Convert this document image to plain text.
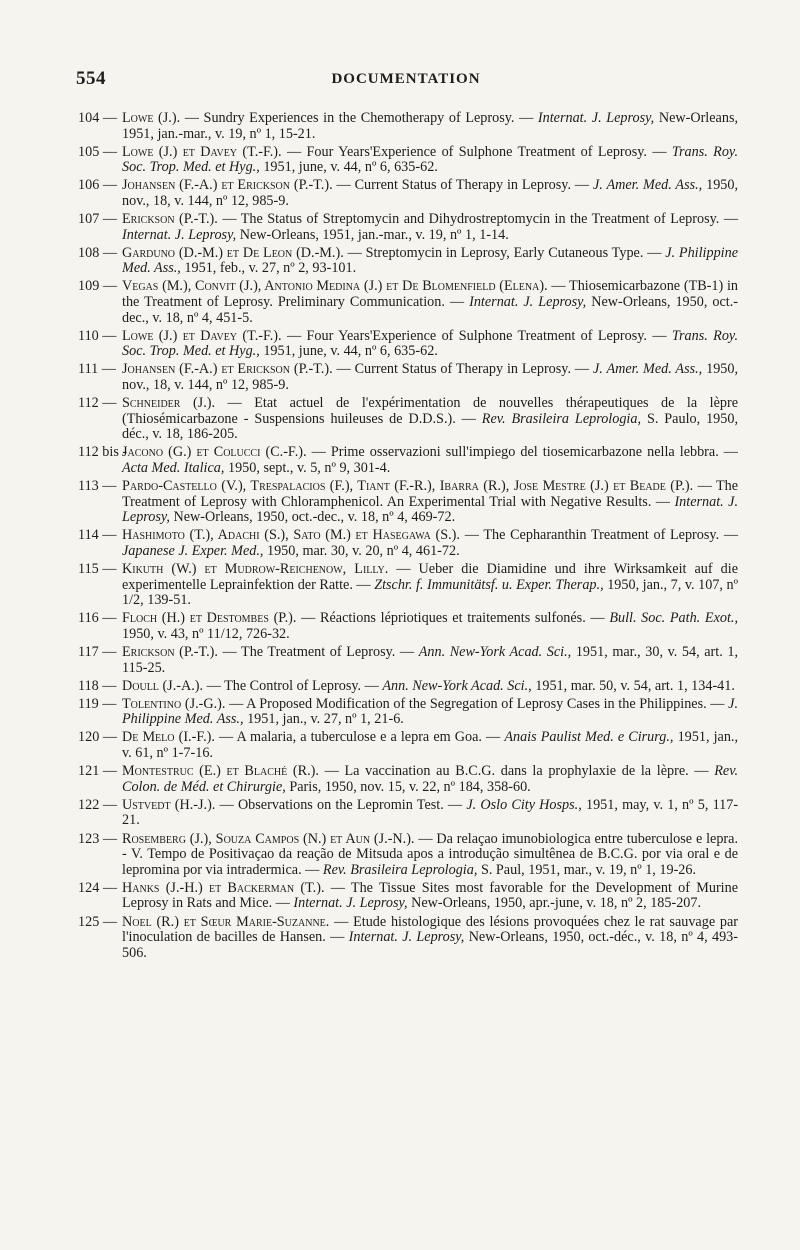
554	DOCUMENTATION
104 — Lowe (J.). — Sundry Experiences in the Chemotherapy of Leprosy. — Internat. J. Leprosy, New-Orleans, 1951, jan.-mar., v. 19, nº 1, 15-21.
105 — Lowe (J.) et Davey (T.-F.). — Four Years'Experience of Sulphone Treatment of Leprosy. — Trans. Roy. Soc. Trop. Med. et Hyg., 1951, june, v. 44, nº 6, 635-62.
106 — Johansen (F.-A.) et Erickson (P.-T.). — Current Status of Therapy in Leprosy. — J. Amer. Med. Ass., 1950, nov., 18, v. 144, nº 12, 985-9.
107 — Erickson (P.-T.). — The Status of Streptomycin and Dihydrostreptomycin in the Treatment of Leprosy. — Internat. J. Leprosy, New-Orleans, 1951, jan.-mar., v. 19, nº 1, 1-14.
108 — Garduno (D.-M.) et De Leon (D.-M.). — Streptomycin in Leprosy, Early Cutaneous Type. — J. Philippine Med. Ass., 1951, feb., v. 27, nº 2, 93-101.
109 — Vegas (M.), Convit (J.), Antonio Medina (J.) et De Blomenfield (Elena). — Thiosemicarbazone (TB-1) in the Treatment of Leprosy. Preliminary Communication. — Internat. J. Leprosy, New-Orleans, 1950, oct.-dec., v. 18, nº 4, 451-5.
110 — Lowe (J.) et Davey (T.-F.). — Four Years'Experience of Sulphone Treatment of Leprosy. — Trans. Roy. Soc. Trop. Med. et Hyg., 1951, june, v. 44, nº 6, 635-62.
111 — Johansen (F.-A.) et Erickson (P.-T.). — Current Status of Therapy in Leprosy. — J. Amer. Med. Ass., 1950, nov., 18, v. 144, nº 12, 985-9.
112 — Schneider (J.). — Etat actuel de l'expérimentation de nouvelles thérapeutiques de la lèpre (Thiosémicarbazone - Suspensions huileuses de D.D.S.). — Rev. Brasileira Leprologia, S. Paulo, 1950, déc., v. 18, 186-205.
112 bis -
Jacono (G.) et Colucci (C.-F.). — Prime osservazioni sull'impiego del tiosemicarbazone nella lebbra. — Acta Med. Italica, 1950, sept., v. 5, nº 9, 301-4.
113 — Pardo-Castello (V.), Trespalacios (F.), Tiant (F.-R.), Ibarra (R.), Jose Mestre (J.) et Beade (P.). — The Treatment of Leprosy with Chloramphenicol. An Experimental Trial with Negative Results. — Internat. J. Leprosy, New-Orleans, 1950, oct.-dec., v. 18, nº 4, 469-72.
114 — Hashimoto (T.), Adachi (S.), Sato (M.) et Hasegawa (S.). — The Cepharanthin Treatment of Leprosy. — Japanese J. Exper. Med., 1950, mar. 30, v. 20, nº 4, 461-72.
115 — Kikuth (W.) et Mudrow-Reichenow, Lilly. — Ueber die Diamidine und ihre Wirksamkeit auf die experimentelle Leprainfektion der Ratte. — Ztschr. f. Immunitätsf. u. Exper. Therap., 1950, jan., 7, v. 107, nº 1/2, 139-51.
116 — Floch (H.) et Destombes (P.). — Réactions lépriotiques et traitements sulfonés. — Bull. Soc. Path. Exot., 1950, v. 43, nº 11/12, 726-32.
117 — Erickson (P.-T.). — The Treatment of Leprosy. — Ann. New-York Acad. Sci., 1951, mar., 30, v. 54, art. 1, 115-25.
118 — Doull (J.-A.). — The Control of Leprosy. — Ann. New-York Acad. Sci., 1951, mar. 50, v. 54, art. 1, 134-41.
119 — Tolentino (J.-G.). — A Proposed Modification of the Segregation of Leprosy Cases in the Philippines. — J. Philippine Med. Ass., 1951, jan., v. 27, nº 1, 21-6.
120 — De Melo (I.-F.). — A malaria, a tuberculose e a lepra em Goa. — Anais Paulist Med. e Cirurg., 1951, jan., v. 61, nº 1-7-16.
121 — Montestruc (E.) et Blaché (R.). — La vaccination au B.C.G. dans la prophylaxie de la lèpre. — Rev. Colon. de Méd. et Chirurgie, Paris, 1950, nov. 15, v. 22, nº 184, 358-60.
122 — Ustvedt (H.-J.). — Observations on the Lepromin Test. — J. Oslo City Hosps., 1951, may, v. 1, nº 5, 117-21.
123 — Rosemberg (J.), Souza Campos (N.) et Aun (J.-N.). — Da relaçao imunobiologica entre tuberculose e lepra. - V. Tempo de Positivaçao da reação de Mitsuda apos a introdução simultênea de B.C.G. por via oral e de lepromina por via intradermica. — Rev. Brasileira Leprologia, S. Paul, 1951, mar., v. 19, nº 1, 19-26.
124 — Hanks (J.-H.) et Backerman (T.). — The Tissue Sites most favorable for the Development of Murine Leprosy in Rats and Mice. — Internat. J. Leprosy, New-Orleans, 1950, apr.-june, v. 18, nº 2, 185-207.
125 — Noel (R.) et Sœur Marie-Suzanne. — Etude histologique des lésions provoquées chez le rat sauvage par l'inoculation de bacilles de Hansen. — Internat. J. Leprosy, New-Orleans, 1950, oct.-déc., v. 18, nº 4, 493-506.
